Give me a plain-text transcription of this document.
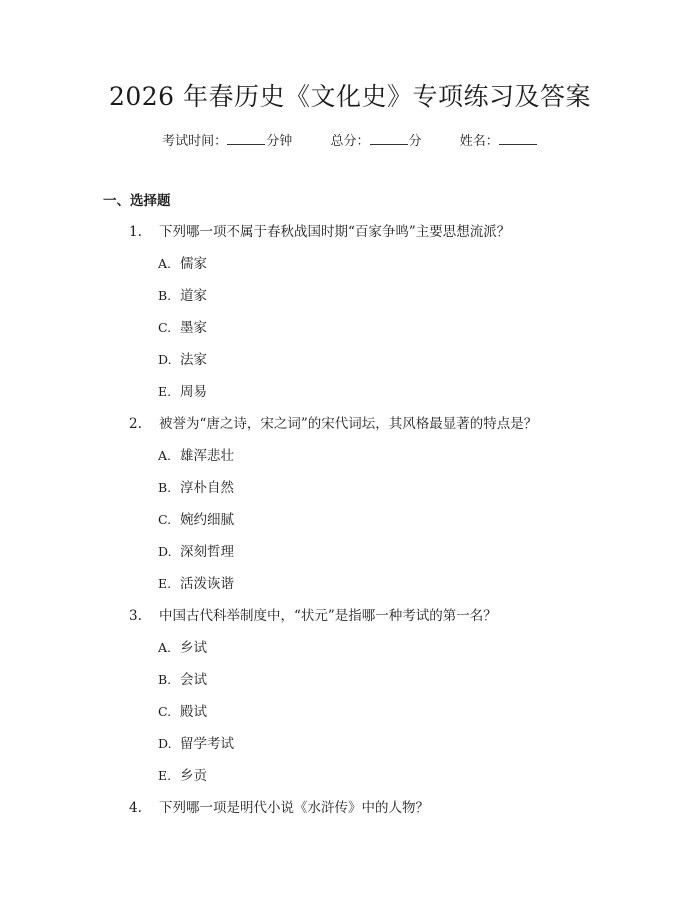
2026 年春历史《文化史》专项练习及答案
考试时间：	分钟	总分：	分	姓名：
一、选择题
1. 下列哪一项不属于春秋战国时期“百家争鸣”主要思想流派？
A. 儒家
B. 道家
C. 墨家
D. 法家
E. 周易
2. 被誉为“唐之诗，宋之词”的宋代词坛，其风格最显著的特点是？
A. 雄浑悲壮
B. 淳朴自然
C. 婉约细腻
D. 深刻哲理
E. 活泼诙谐
3. 中国古代科举制度中，“状元”是指哪一种考试的第一名？
A. 乡试
B. 会试
C. 殿试
D. 留学考试
E. 乡贡
4. 下列哪一项是明代小说《水浒传》中的人物？
